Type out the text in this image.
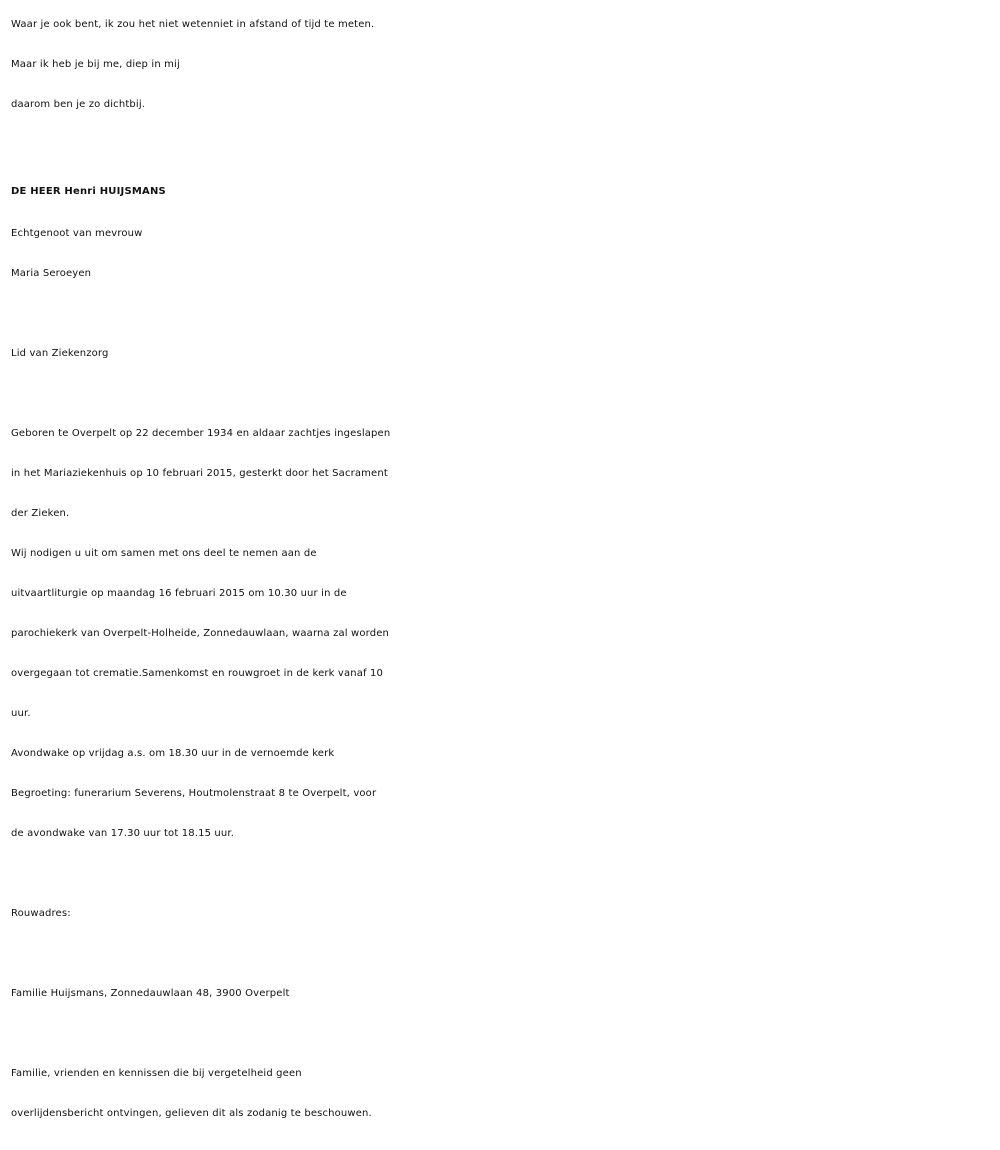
Waar je ook bent, ik zou het niet wetenniet in afstand of tijd te meten.
Maar ik heb je bij me, diep in mij
daarom ben je zo dichtbij.
DE HEER Henri HUIJSMANS
Echtgenoot van mevrouw
Maria Seroeyen
Lid van Ziekenzorg
Geboren te Overpelt op 22 december 1934 en aldaar zachtjes ingeslapen
in het Mariaziekenhuis op 10 februari 2015, gesterkt door het Sacrament
der Zieken.
Wij nodigen u uit om samen met ons deel te nemen aan de
uitvaartliturgie op maandag 16 februari 2015 om 10.30 uur in de
parochiekerk van Overpelt-Holheide, Zonnedauwlaan, waarna zal worden
overgegaan tot crematie.Samenkomst en rouwgroet in de kerk vanaf 10
uur.
Avondwake op vrijdag a.s. om 18.30 uur in de vernoemde kerk
Begroeting: funerarium Severens, Houtmolenstraat 8 te Overpelt, voor
de avondwake van 17.30 uur tot 18.15 uur.
Rouwadres:
Familie Huijsmans, Zonnedauwlaan 48, 3900 Overpelt
Familie, vrienden en kennissen die bij vergetelheid geen
overlijdensbericht ontvingen, gelieven dit als zodanig te beschouwen.
